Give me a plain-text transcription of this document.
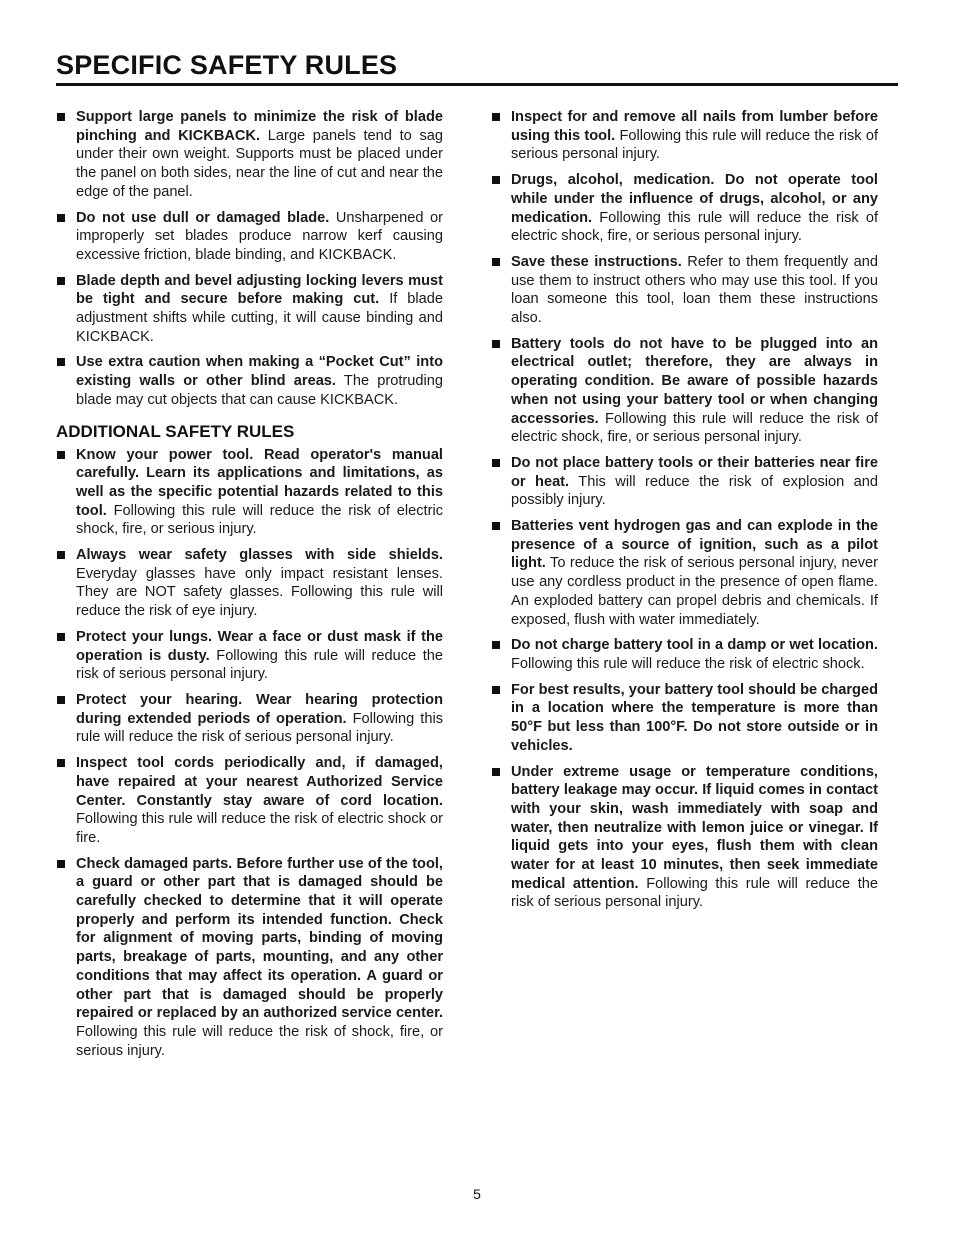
SPECIFIC SAFETY RULES
Support large panels to minimize the risk of blade pinching and KICKBACK. Large panels tend to sag under their own weight. Supports must be placed under the panel on both sides, near the line of cut and near the edge of the panel.
Do not use dull or damaged blade. Unsharpened or improperly set blades produce narrow kerf causing excessive friction, blade binding, and KICKBACK.
Blade depth and bevel adjusting locking levers must be tight and secure before making cut. If blade adjustment shifts while cutting, it will cause binding and KICKBACK.
Use extra caution when making a “Pocket Cut” into existing walls or other blind areas. The protruding blade may cut objects that can cause KICKBACK.
ADDITIONAL SAFETY RULES
Know your power tool. Read operator's manual carefully. Learn its applications and limitations, as well as the specific potential hazards related to this tool. Following this rule will reduce the risk of electric shock, fire, or serious injury.
Always wear safety glasses with side shields. Everyday glasses have only impact resistant lenses. They are NOT safety glasses. Following this rule will reduce the risk of eye injury.
Protect your lungs. Wear a face or dust mask if the operation is dusty. Following this rule will reduce the risk of serious personal injury.
Protect your hearing. Wear hearing protection during extended periods of operation. Following this rule will reduce the risk of serious personal injury.
Inspect tool cords periodically and, if damaged, have repaired at your nearest Authorized Service Center. Constantly stay aware of cord location. Following this rule will reduce the risk of electric shock or fire.
Check damaged parts. Before further use of the tool, a guard or other part that is damaged should be carefully checked to determine that it will operate properly and perform its intended function. Check for alignment of moving parts, binding of moving parts, breakage of parts, mounting, and any other conditions that may affect its operation. A guard or other part that is damaged should be properly repaired or replaced by an authorized service center. Following this rule will reduce the risk of shock, fire, or serious injury.
Inspect for and remove all nails from lumber before using this tool. Following this rule will reduce the risk of serious personal injury.
Drugs, alcohol, medication. Do not operate tool while under the influence of drugs, alcohol, or any medication. Following this rule will reduce the risk of electric shock, fire, or serious personal injury.
Save these instructions. Refer to them frequently and use them to instruct others who may use this tool. If you loan someone this tool, loan them these instructions also.
Battery tools do not have to be plugged into an electrical outlet; therefore, they are always in operating condition. Be aware of possible hazards when not using your battery tool or when changing accessories. Following this rule will reduce the risk of electric shock, fire, or serious personal injury.
Do not place battery tools or their batteries near fire or heat. This will reduce the risk of explosion and possibly injury.
Batteries vent hydrogen gas and can explode in the presence of a source of ignition, such as a pilot light. To reduce the risk of serious personal injury, never use any cordless product in the presence of open flame. An exploded battery can propel debris and chemicals. If exposed, flush with water immediately.
Do not charge battery tool in a damp or wet location. Following this rule will reduce the risk of electric shock.
For best results, your battery tool should be charged in a location where the temperature is more than 50°F but less than 100°F. Do not store outside or in vehicles.
Under extreme usage or temperature conditions, battery leakage may occur. If liquid comes in contact with your skin, wash immediately with soap and water, then neutralize with lemon juice or vinegar. If liquid gets into your eyes, flush them with clean water for at least 10 minutes, then seek immediate medical attention. Following this rule will reduce the risk of serious personal injury.
5
